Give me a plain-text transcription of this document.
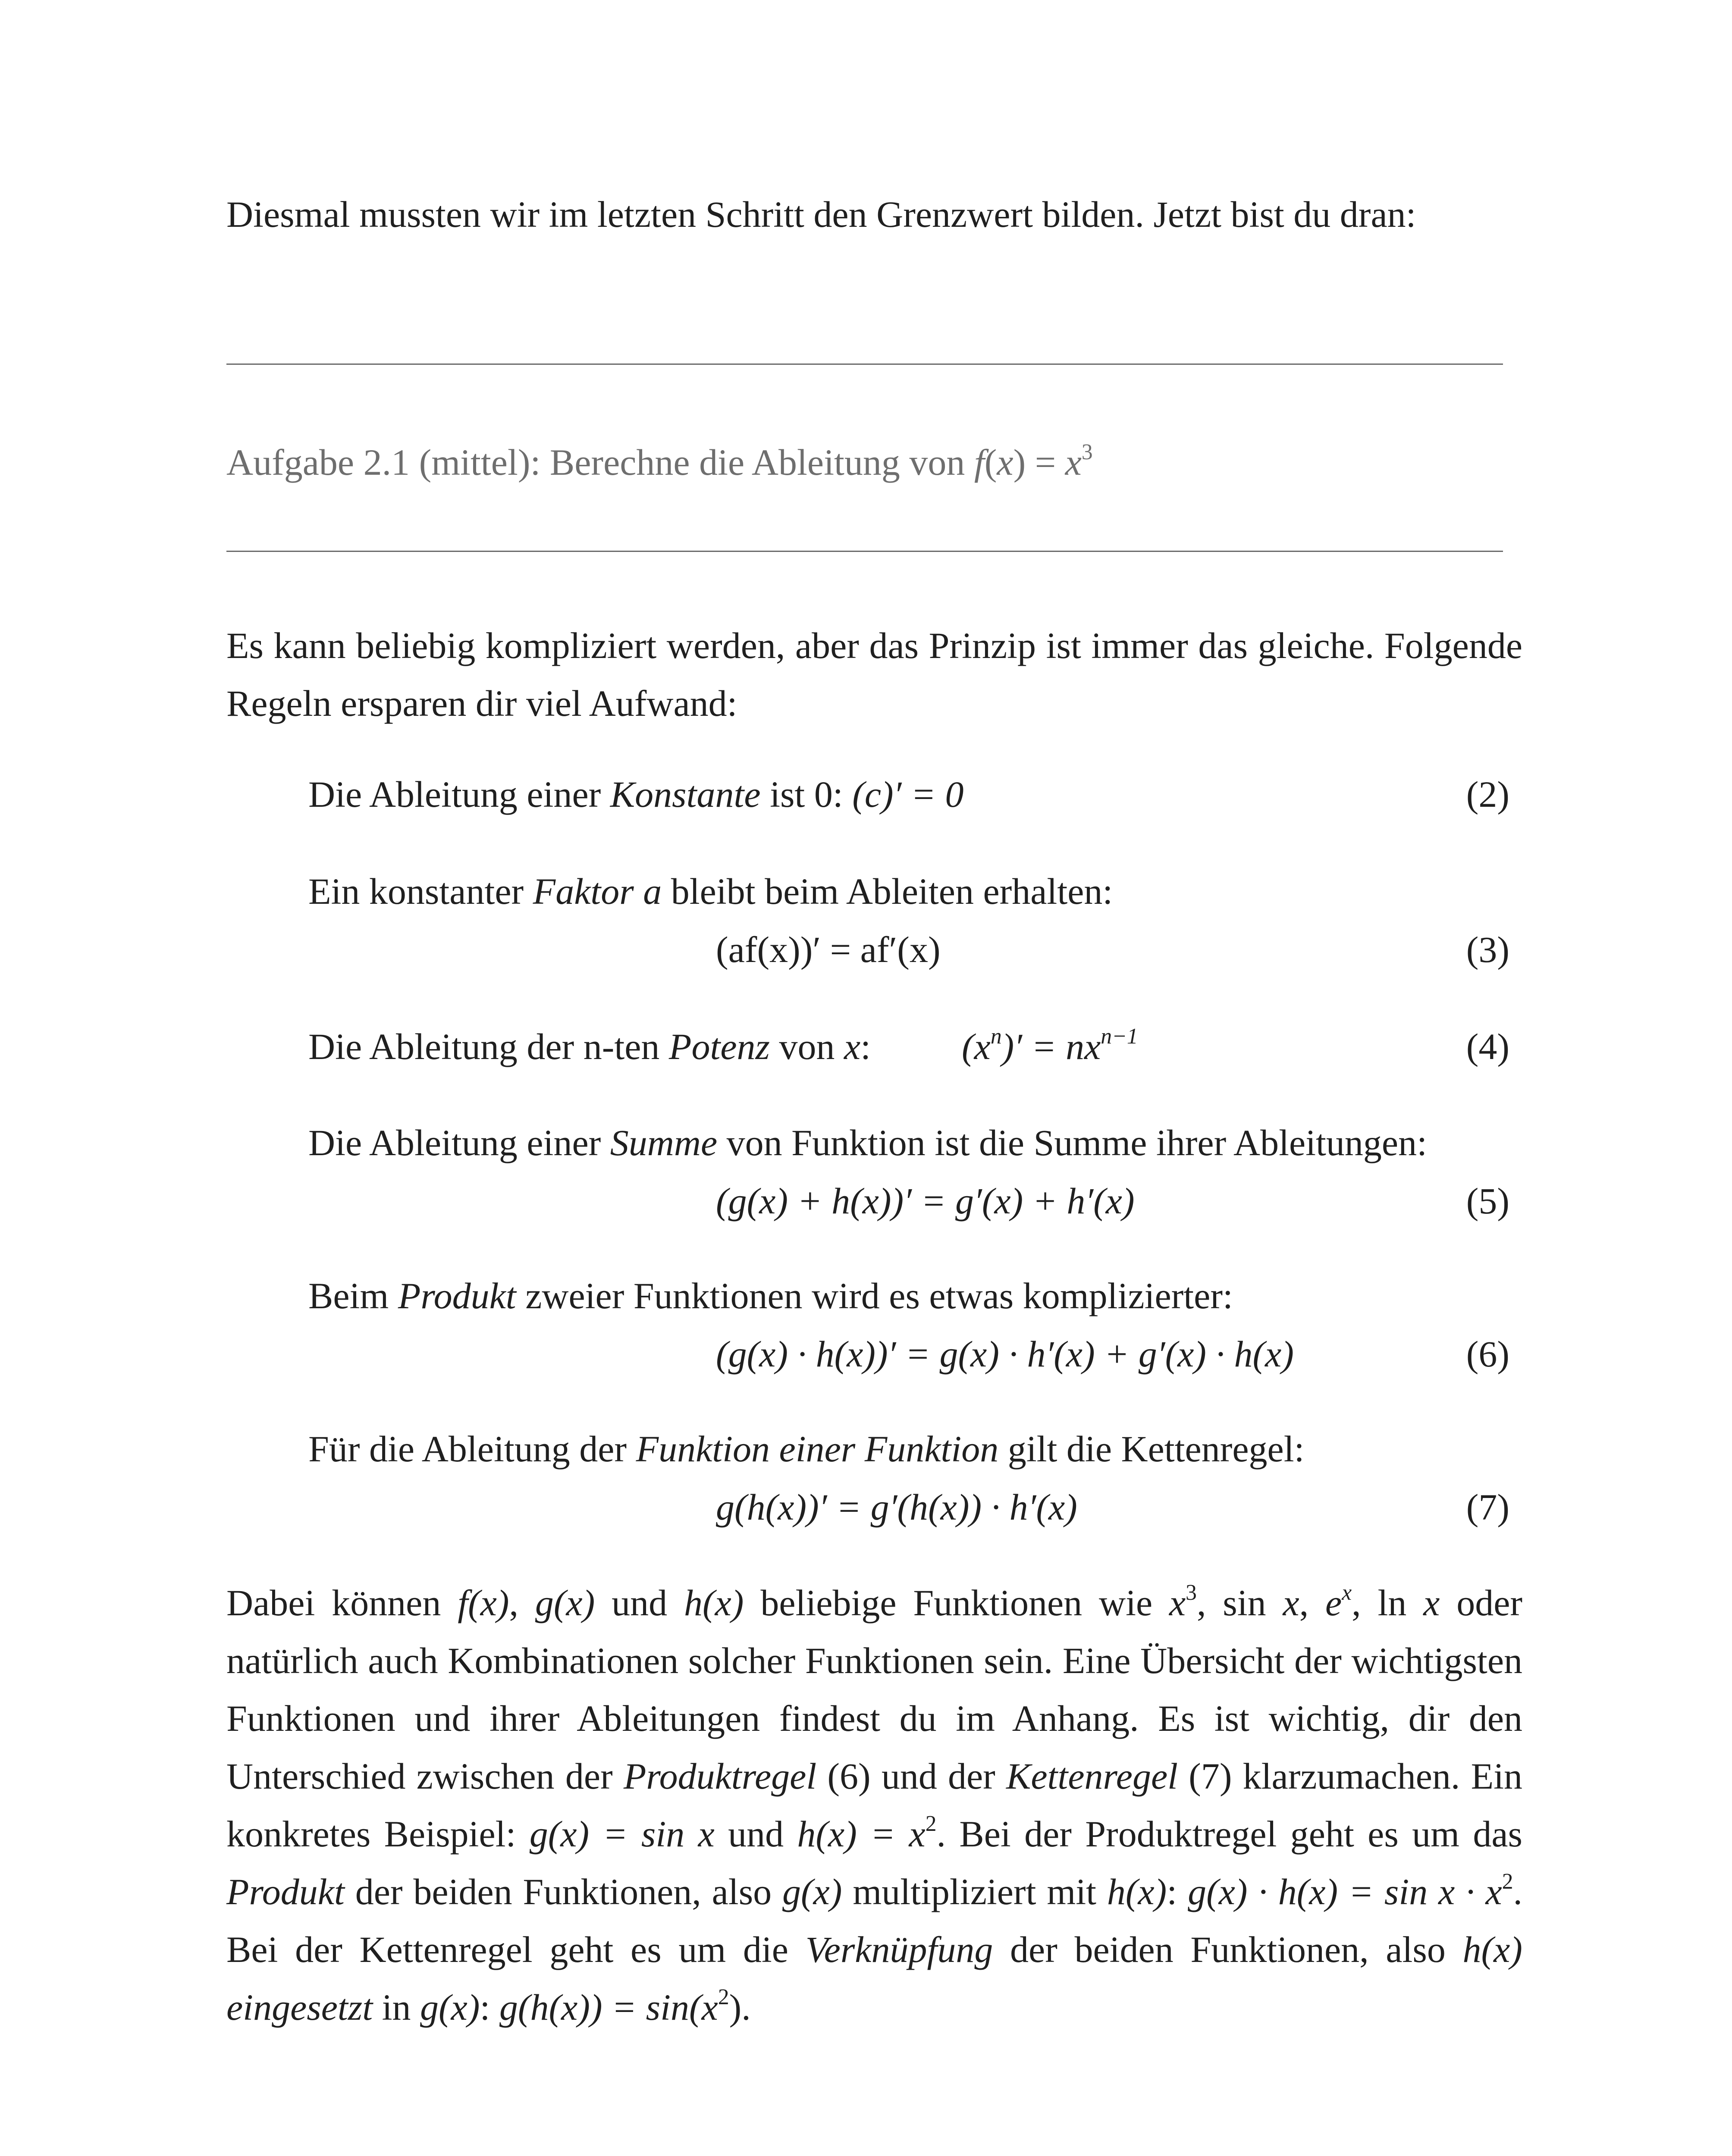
Diesmal mussten wir im letzten Schritt den Grenzwert bilden. Jetzt bist du dran:

Aufgabe 2.1 (mittel): Berechne die Ableitung von $f(x) = x^3$

Es kann beliebig kompliziert werden, aber das Prinzip ist immer das gleiche. Folgende Regeln ersparen dir viel Aufwand:

Die Ableitung einer Konstante ist 0: (c)′ = 0	(2)
Ein konstanter Faktor a bleibt beim Ableiten erhalten:
(af(x))′ = af′(x)	(3)
Die Ableitung der n-ten Potenz von x: $(x^n)' = nx^{n-1}$	(4)
Die Ableitung einer Summe von Funktion ist die Summe ihrer Ableitungen:
(g(x) + h(x))′ = g′(x) + h′(x)	(5)
Beim Produkt zweier Funktionen wird es etwas komplizierter:
(g(x) · h(x))′ = g(x) · h′(x) + g′(x) · h(x)	(6)
Für die Ableitung der Funktion einer Funktion gilt die Kettenregel:
g(h(x))′ = g′(h(x)) · h′(x)	(7)

Dabei können f(x), g(x) und h(x) beliebige Funktionen wie $x^3$, sin x, $e^x$, ln x oder natürlich auch Kombinationen solcher Funktionen sein. Eine Übersicht der wichtigsten Funktionen und ihrer Ableitungen findest du im Anhang. Es ist wichtig, dir den Unterschied zwischen der Produktregel (6) und der Kettenregel (7) klarzumachen. Ein konkretes Beispiel: g(x) = sin x und $h(x) = x^2$. Bei der Produktregel geht es um das Produkt der beiden Funktionen, also g(x) multipliziert mit h(x): $g(x) \cdot h(x) = \sin x \cdot x^2$. Bei der Kettenregel geht es um die Verknüpfung der beiden Funktionen, also h(x) eingesetzt in g(x): $g(h(x)) = \sin(x^2)$.
